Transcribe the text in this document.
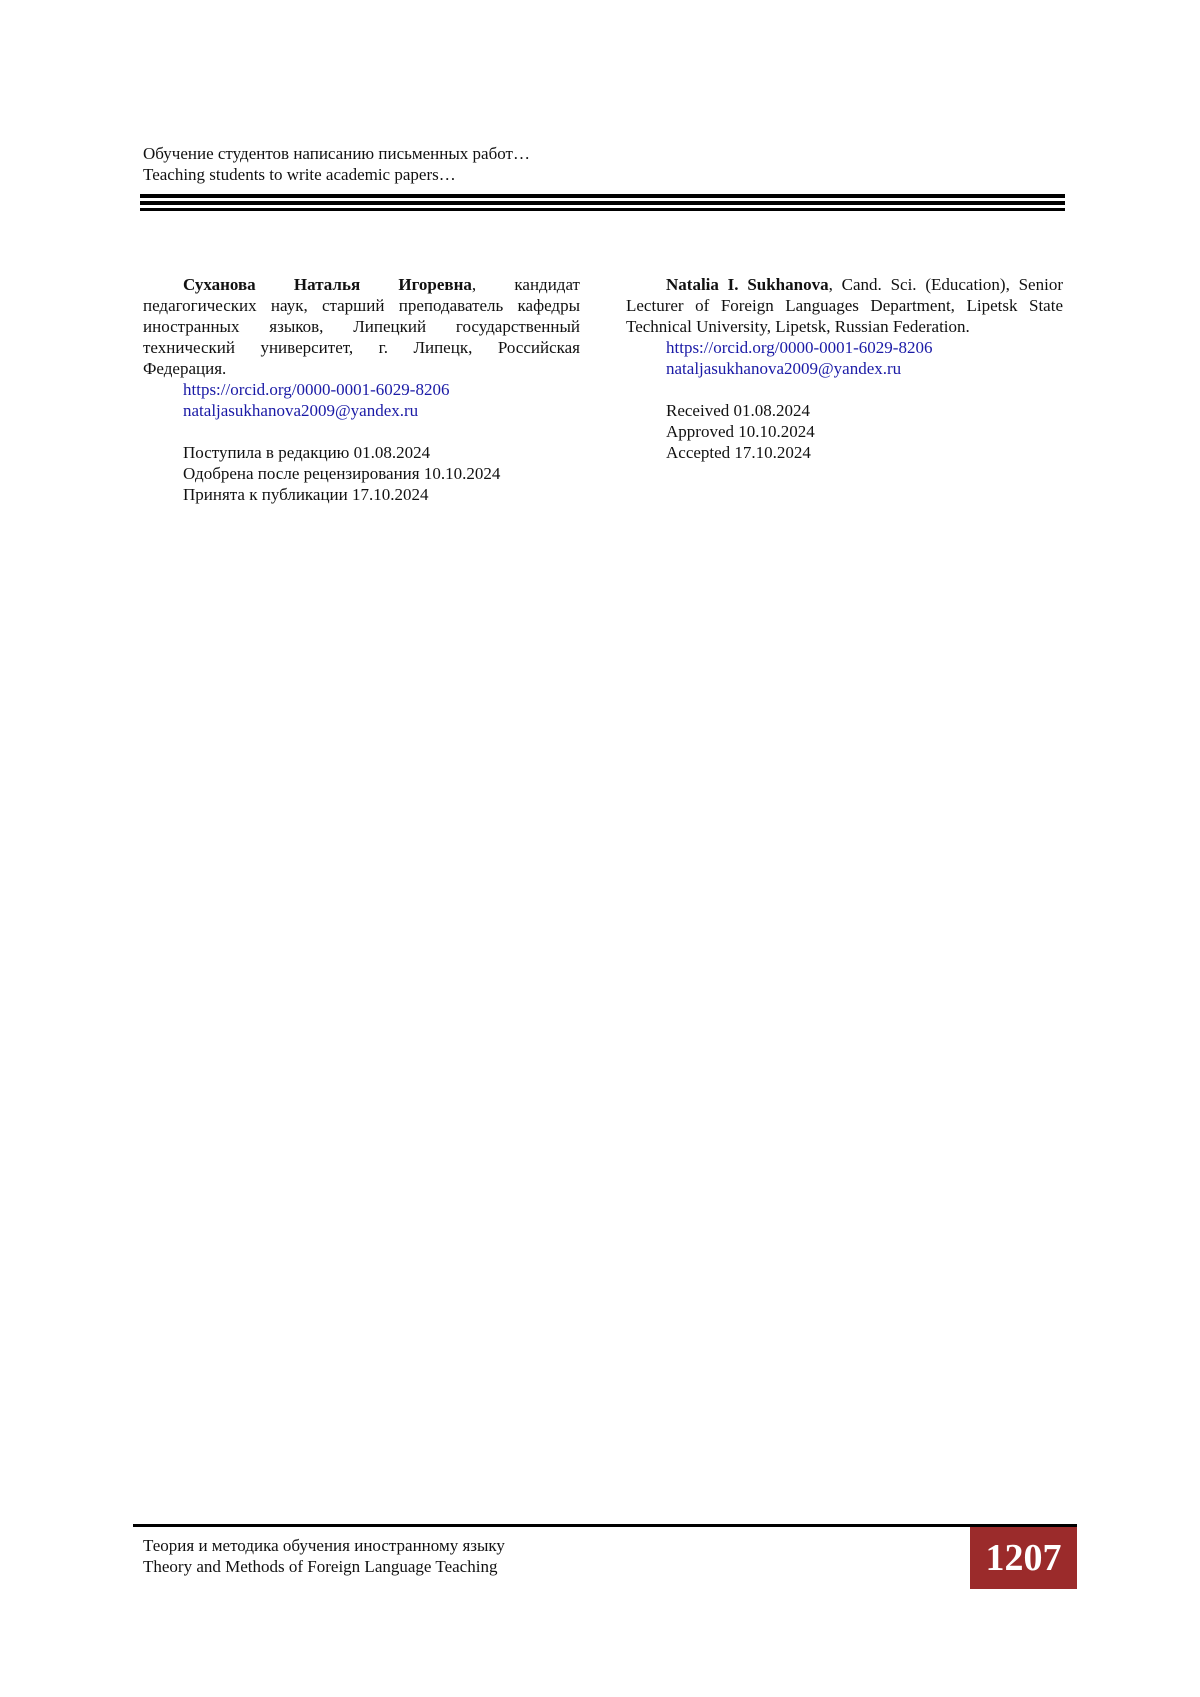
Обучение студентов написанию письменных работ…
Teaching students to write academic papers…

Суханова Наталья Игоревна, кандидат педагогических наук, старший преподаватель кафедры иностранных языков, Липецкий государственный технический университет, г. Липецк, Российская Федерация.

https://orcid.org/0000-0001-6029-8206

nataljasukhanova2009@yandex.ru

Поступила в редакцию 01.08.2024

Одобрена после рецензирования 10.10.2024

Принята к публикации 17.10.2024

Natalia I. Sukhanova, Cand. Sci. (Education), Senior Lecturer of Foreign Languages Department, Lipetsk State Technical University, Lipetsk, Russian Federation.

https://orcid.org/0000-0001-6029-8206

nataljasukhanova2009@yandex.ru

Received 01.08.2024

Approved 10.10.2024

Accepted 17.10.2024

Теория и методика обучения иностранному языку
Theory and Methods of Foreign Language Teaching	1207
